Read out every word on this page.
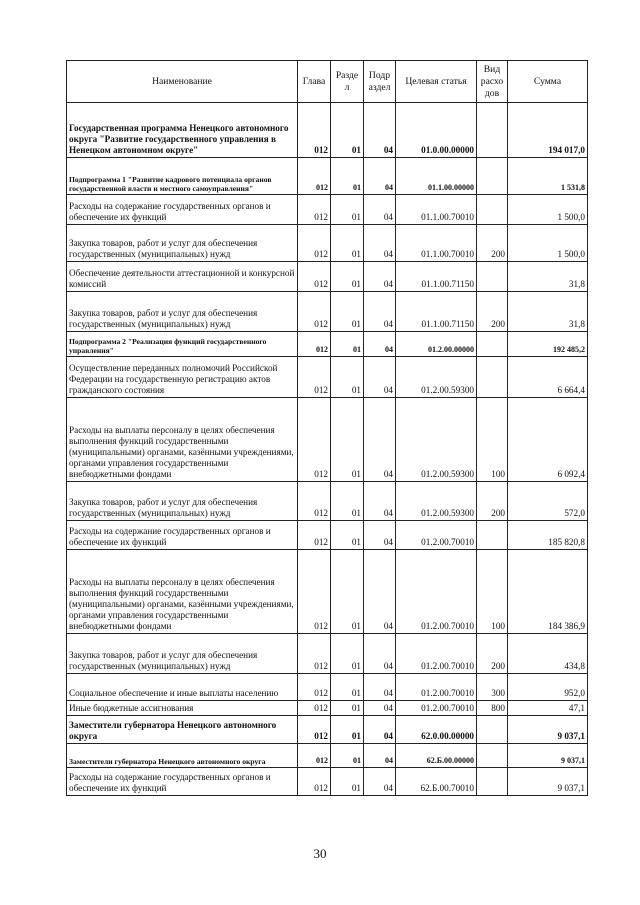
Наименование	Глава	Разде л	Подр аздел	Целевая статья	Вид расхо дов	Сумма
Государственная программа Ненецкого автономного округа "Развитие государственного управления в Ненецком автономном округе"	012	01	04	01.0.00.00000		194 017,0
Подпрограмма 1 "Развитие кадрового потенциала органов государственной власти и местного самоуправления"	012	01	04	01.1.00.00000		1 531,8
Расходы на содержание государственных органов и обеспечение их функций	012	01	04	01.1.00.70010		1 500,0
Закупка товаров, работ и услуг для обеспечения государственных (муниципальных) нужд	012	01	04	01.1.00.70010	200	1 500,0
Обеспечение деятельности аттестационной и конкурсной комиссий	012	01	04	01.1.00.71150		31,8
Закупка товаров, работ и услуг для обеспечения государственных (муниципальных) нужд	012	01	04	01.1.00.71150	200	31,8
Подпрограмма 2 "Реализация функций государственного управления"	012	01	04	01.2.00.00000		192 485,2
Осуществление переданных полномочий Российской Федерации на государственную регистрацию актов гражданского состояния	012	01	04	01.2.00.59300		6 664,4
Расходы на выплаты персоналу в целях обеспечения выполнения функций государственными (муниципальными) органами, казёнными учреждениями, органами управления государственными внебюджетными фондами	012	01	04	01.2.00.59300	100	6 092,4
Закупка товаров, работ и услуг для обеспечения государственных (муниципальных) нужд	012	01	04	01.2.00.59300	200	572,0
Расходы на содержание государственных органов и обеспечение их функций	012	01	04	01.2.00.70010		185 820,8
Расходы на выплаты персоналу в целях обеспечения выполнения функций государственными (муниципальными) органами, казёнными учреждениями, органами управления государственными внебюджетными фондами	012	01	04	01.2.00.70010	100	184 386,9
Закупка товаров, работ и услуг для обеспечения государственных (муниципальных) нужд	012	01	04	01.2.00.70010	200	434,8
Социальное обеспечение и иные выплаты населению	012	01	04	01.2.00.70010	300	952,0
Иные бюджетные ассигнования	012	01	04	01.2.00.70010	800	47,1
Заместители губернатора Ненецкого автономного округа	012	01	04	62.0.00.00000		9 037,1
Заместители губернатора Ненецкого автономного округа	012	01	04	62.Б.00.00000		9 037,1
Расходы на содержание государственных органов и обеспечение их функций	012	01	04	62.Б.00.70010		9 037,1
30
